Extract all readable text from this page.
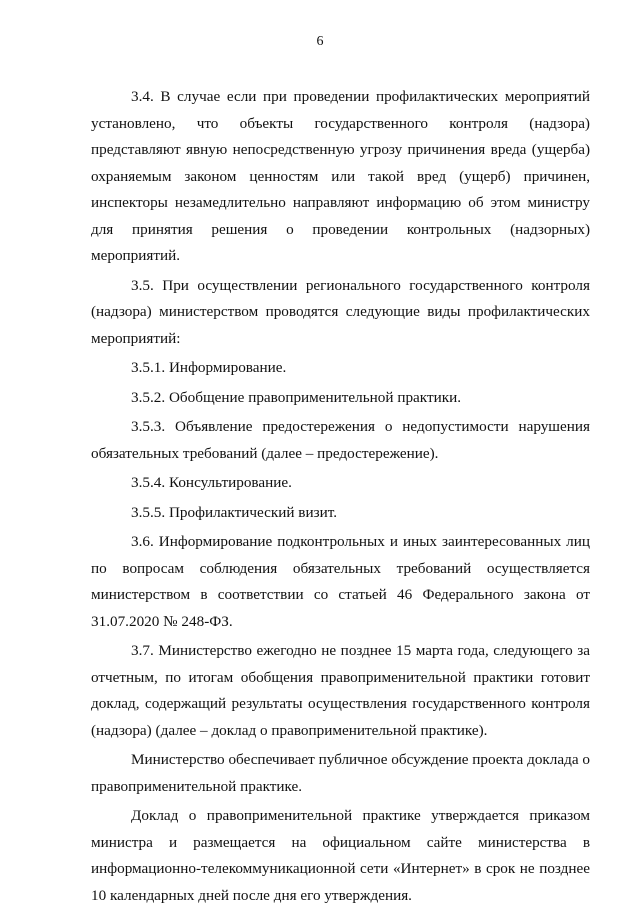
6

3.4. В случае если при проведении профилактических мероприятий установлено, что объекты государственного контроля (надзора) представляют явную непосредственную угрозу причинения вреда (ущерба) охраняемым законом ценностям или такой вред (ущерб) причинен, инспекторы незамедлительно направляют информацию об этом министру для принятия решения о проведении контрольных (надзорных) мероприятий.

3.5. При осуществлении регионального государственного контроля (надзора) министерством проводятся следующие виды профилактических мероприятий:

3.5.1. Информирование.

3.5.2. Обобщение правоприменительной практики.

3.5.3. Объявление предостережения о недопустимости нарушения обязательных требований (далее – предостережение).

3.5.4. Консультирование.

3.5.5. Профилактический визит.

3.6. Информирование подконтрольных и иных заинтересованных лиц по вопросам соблюдения обязательных требований осуществляется министерством в соответствии со статьей 46 Федерального закона от 31.07.2020 № 248-ФЗ.

3.7. Министерство ежегодно не позднее 15 марта года, следующего за отчетным, по итогам обобщения правоприменительной практики готовит доклад, содержащий результаты осуществления государственного контроля (надзора) (далее – доклад о правоприменительной практике).

Министерство обеспечивает публичное обсуждение проекта доклада о правоприменительной практике.

Доклад о правоприменительной практике утверждается приказом министра и размещается на официальном сайте министерства в информационно-телекоммуникационной сети «Интернет» в срок не позднее 10 календарных дней после дня его утверждения.
